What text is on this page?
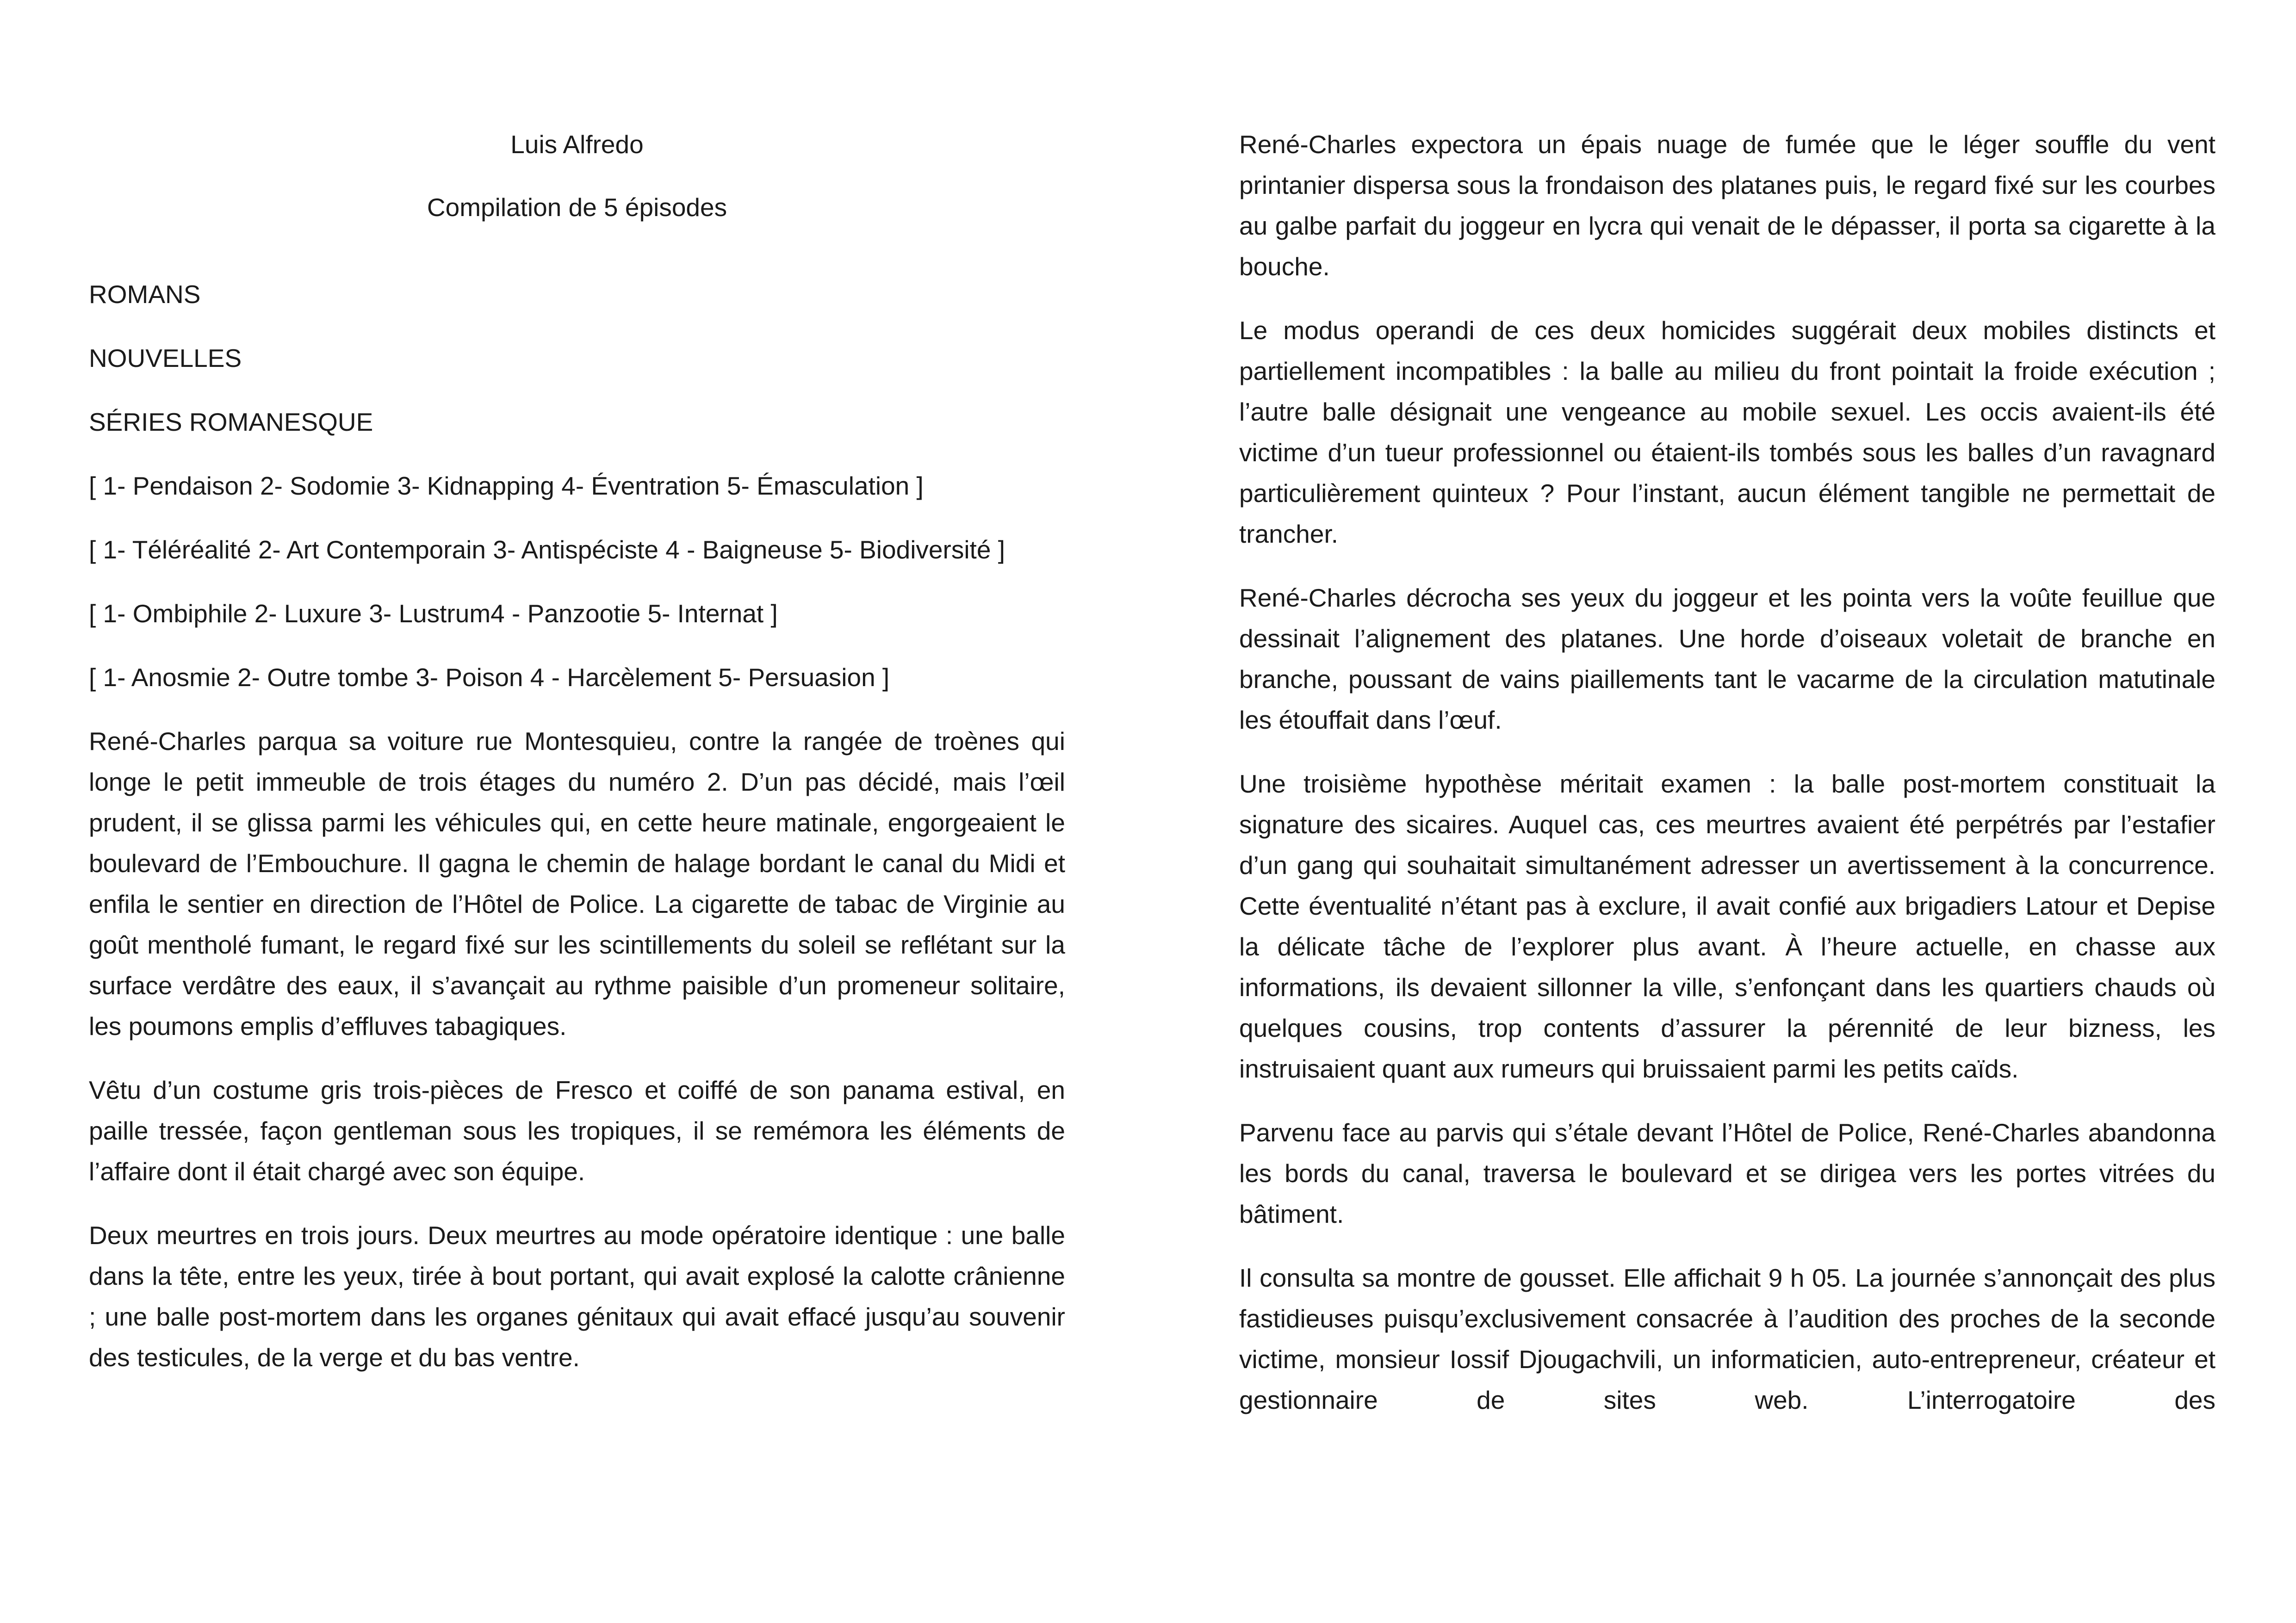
Luis Alfredo

Compilation de 5 épisodes

ROMANS

NOUVELLES

SÉRIES ROMANESQUE

[ 1- Pendaison 2- Sodomie 3- Kidnapping 4- Éventration 5- Émasculation ]

[ 1- Téléréalité 2- Art Contemporain 3- Antispéciste 4 - Baigneuse 5- Biodiversité ]

[ 1- Ombiphile 2- Luxure 3- Lustrum4 - Panzootie 5- Internat ]

[ 1- Anosmie 2- Outre tombe 3- Poison 4 - Harcèlement 5- Persuasion ]

René-Charles parqua sa voiture rue Montesquieu, contre la rangée de troènes qui longe le petit immeuble de trois étages du numéro 2. D’un pas décidé, mais l’œil prudent, il se glissa parmi les véhicules qui, en cette heure matinale, engorgeaient le boulevard de l’Embouchure. Il gagna le chemin de halage bordant le canal du Midi et enfila le sentier en direction de l’Hôtel de Police. La cigarette de tabac de Virginie au goût mentholé fumant, le regard fixé sur les scintillements du soleil se reflétant sur la surface verdâtre des eaux, il s’avançait au rythme paisible d’un promeneur solitaire, les poumons emplis d’effluves tabagiques.

Vêtu d’un costume gris trois-pièces de Fresco et coiffé de son panama estival, en paille tressée, façon gentleman sous les tropiques, il se remémora les éléments de l’affaire dont il était chargé avec son équipe.

Deux meurtres en trois jours. Deux meurtres au mode opératoire identique : une balle dans la tête, entre les yeux, tirée à bout portant, qui avait explosé la calotte crânienne ; une balle post-mortem dans les organes génitaux qui avait effacé jusqu’au souvenir des testicules, de la verge et du bas ventre.

René-Charles expectora un épais nuage de fumée que le léger souffle du vent printanier dispersa sous la frondaison des platanes puis, le regard fixé sur les courbes au galbe parfait du joggeur en lycra qui venait de le dépasser, il porta sa cigarette à la bouche.

Le modus operandi de ces deux homicides suggérait deux mobiles distincts et partiellement incompatibles : la balle au milieu du front pointait la froide exécution ; l’autre balle désignait une vengeance au mobile sexuel. Les occis avaient-ils été victime d’un tueur professionnel ou étaient-ils tombés sous les balles d’un ravagnard particulièrement quinteux ? Pour l’instant, aucun élément tangible ne permettait de trancher.

René-Charles décrocha ses yeux du joggeur et les pointa vers la voûte feuillue que dessinait l’alignement des platanes. Une horde d’oiseaux voletait de branche en branche, poussant de vains piaillements tant le vacarme de la circulation matutinale les étouffait dans l’œuf.

Une troisième hypothèse méritait examen : la balle post-mortem constituait la signature des sicaires. Auquel cas, ces meurtres avaient été perpétrés par l’estafier d’un gang qui souhaitait simultanément adresser un avertissement à la concurrence. Cette éventualité n’étant pas à exclure, il avait confié aux brigadiers Latour et Depise la délicate tâche de l’explorer plus avant. À l’heure actuelle, en chasse aux informations, ils devaient sillonner la ville, s’enfonçant dans les quartiers chauds où quelques cousins, trop contents d’assurer la pérennité de leur bizness, les instruisaient quant aux rumeurs qui bruissaient parmi les petits caïds.

Parvenu face au parvis qui s’étale devant l’Hôtel de Police, René-Charles abandonna les bords du canal, traversa le boulevard et se dirigea vers les portes vitrées du bâtiment.

Il consulta sa montre de gousset. Elle affichait 9 h 05. La journée s’annonçait des plus fastidieuses puisqu’exclusivement consacrée à l’audition des proches de la seconde victime, monsieur Iossif Djougachvili, un informaticien, auto-entrepreneur, créateur et gestionnaire de sites web. L’interrogatoire des
